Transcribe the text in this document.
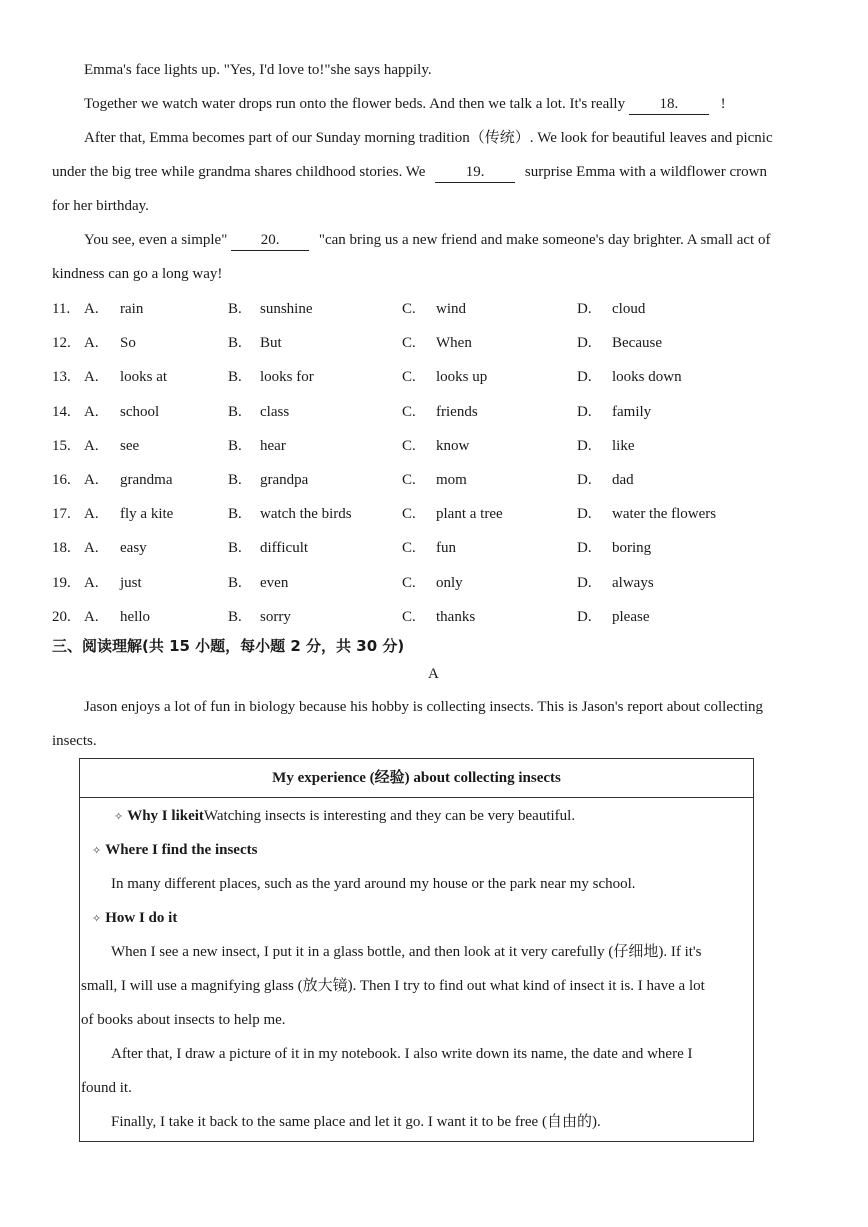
Emma's face lights up. "Yes, I'd love to!"she says happily.
Together we watch water drops run onto the flower beds. And then we talk a lot. It's really 18.	!
After that, Emma becomes part of our Sunday morning tradition（传统）. We look for beautiful leaves and picnic
under the big tree while grandma shares childhood stories. We	19.	surprise Emma with a wildflower crown
for her birthday.
You see, even a simple" 20.	"can bring us a new friend and make someone's day brighter. A small act of
kindness can go a long way!
11. A. rain	B. sunshine	C. wind	D. cloud
12. A. So	B. But	C. When	D. Because
13. A. looks at	B. looks for	C. looks up	D. looks down
14. A. school	B. class	C. friends	D. family
15. A. see	B. hear	C. know	D. like
16. A. grandma	B. grandpa	C. mom	D. dad
17. A. fly a kite	B. watch the birds	C. plant a tree	D. water the flowers
18. A. easy	B. difficult	C. fun	D. boring
19. A. just	B. even	C. only	D. always
20. A. hello	B. sorry	C. thanks	D. please
三、阅读理解(共 15 小题，每小题 2 分，共 30 分)
A
Jason enjoys a lot of fun in biology because his hobby is collecting insects. This is Jason's report about collecting
insects.
My experience (经验) about collecting insects
✧ Why I likeitWatching insects is interesting and they can be very beautiful.
✧ Where I find the insects
In many different places, such as the yard around my house or the park near my school.
✧ How I do it
When I see a new insect, I put it in a glass bottle, and then look at it very carefully (仔细地). If it's
small, I will use a magnifying glass (放大镜). Then I try to find out what kind of insect it is. I have a lot
of books about insects to help me.
After that, I draw a picture of it in my notebook. I also write down its name, the date and where I
found it.
Finally, I take it back to the same place and let it go. I want it to be free (自由的).
